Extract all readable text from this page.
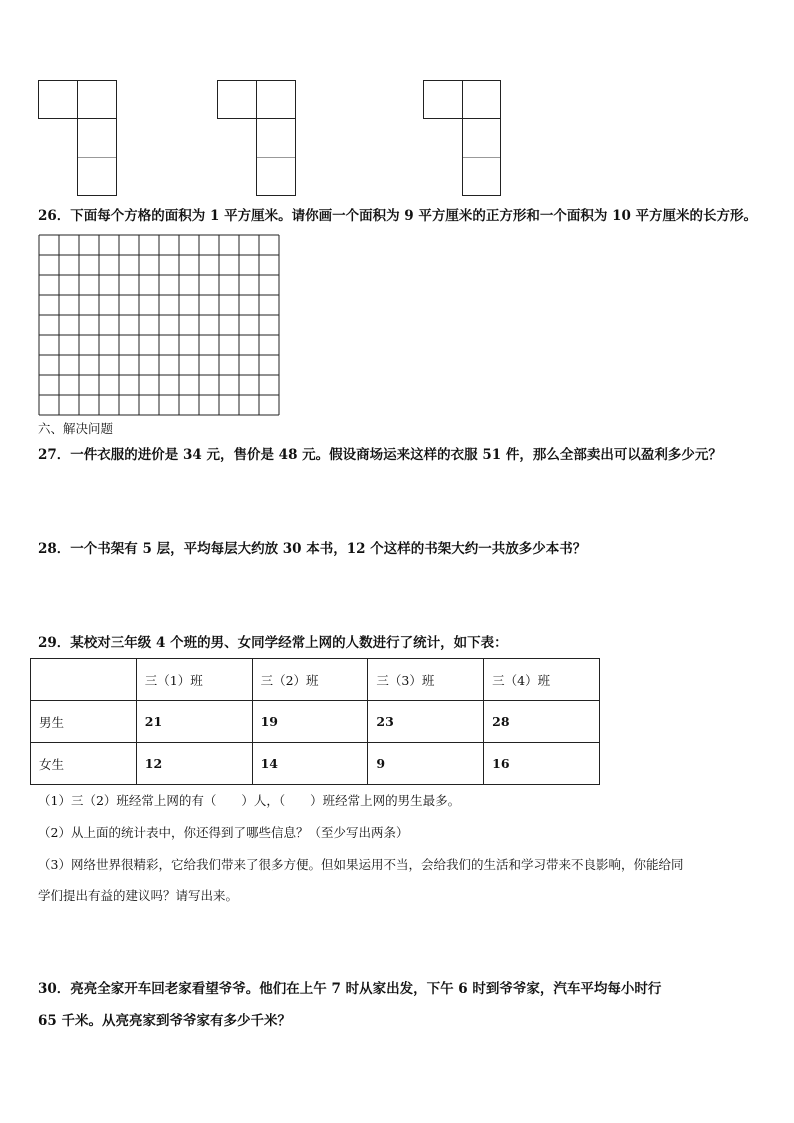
26．下面每个方格的面积为 1 平方厘米。请你画一个面积为 9 平方厘米的正方形和一个面积为 10 平方厘米的长方形。
六、解决问题
27．一件衣服的进价是 34 元，售价是 48 元。假设商场运来这样的衣服 51 件，那么全部卖出可以盈利多少元？
28．一个书架有 5 层，平均每层大约放 30 本书，12 个这样的书架大约一共放多少本书？
29．某校对三年级 4 个班的男、女同学经常上网的人数进行了统计，如下表：
	三（1）班	三（2）班	三（3）班	三（4）班
男生	21	19	23	28
女生	12	14	9	16
（1）三（2）班经常上网的有（　　）人，（　　）班经常上网的男生最多。
（2）从上面的统计表中，你还得到了哪些信息？（至少写出两条）
（3）网络世界很精彩，它给我们带来了很多方便。但如果运用不当，会给我们的生活和学习带来不良影响，你能给同
学们提出有益的建议吗？请写出来。
30．亮亮全家开车回老家看望爷爷。他们在上午 7 时从家出发，下午 6 时到爷爷家，汽车平均每小时行
65 千米。从亮亮家到爷爷家有多少千米？
